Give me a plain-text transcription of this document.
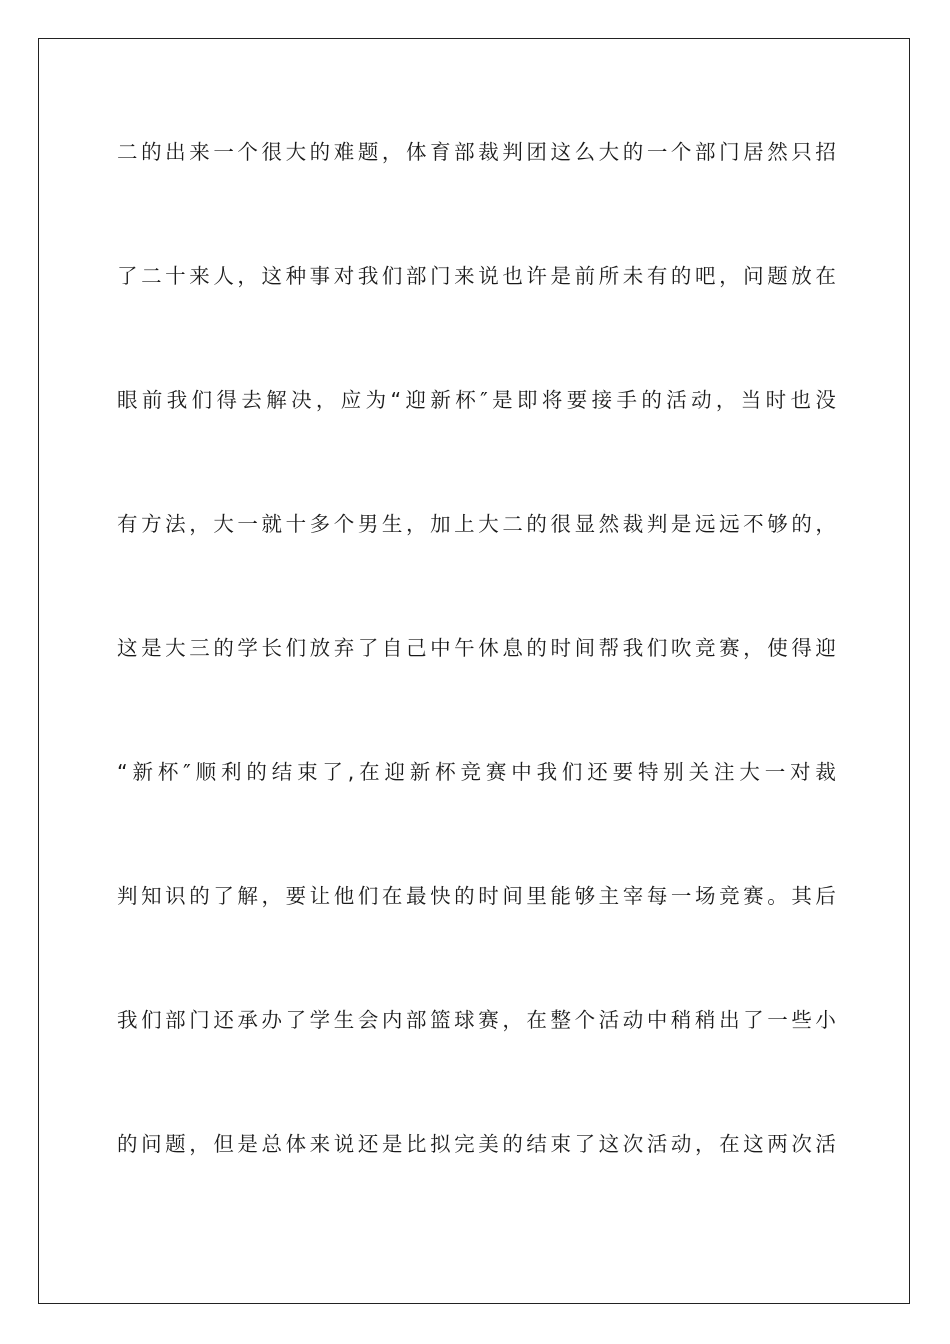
二的出来一个很大的难题，体育部裁判团这么大的一个部门居然只招
了二十来人，这种事对我们部门来说也许是前所未有的吧，问题放在
眼前我们得去解决，应为“迎新杯″是即将要接手的活动，当时也没
有方法，大一就十多个男生，加上大二的很显然裁判是远远不够的，
这是大三的学长们放弃了自己中午休息的时间帮我们吹竞赛，使得迎
“新杯″顺利的结束了,在迎新杯竞赛中我们还要特别关注大一对裁
判知识的了解，要让他们在最快的时间里能够主宰每一场竞赛。其后
我们部门还承办了学生会内部篮球赛，在整个活动中稍稍出了一些小
的问题，但是总体来说还是比拟完美的结束了这次活动，在这两次活
